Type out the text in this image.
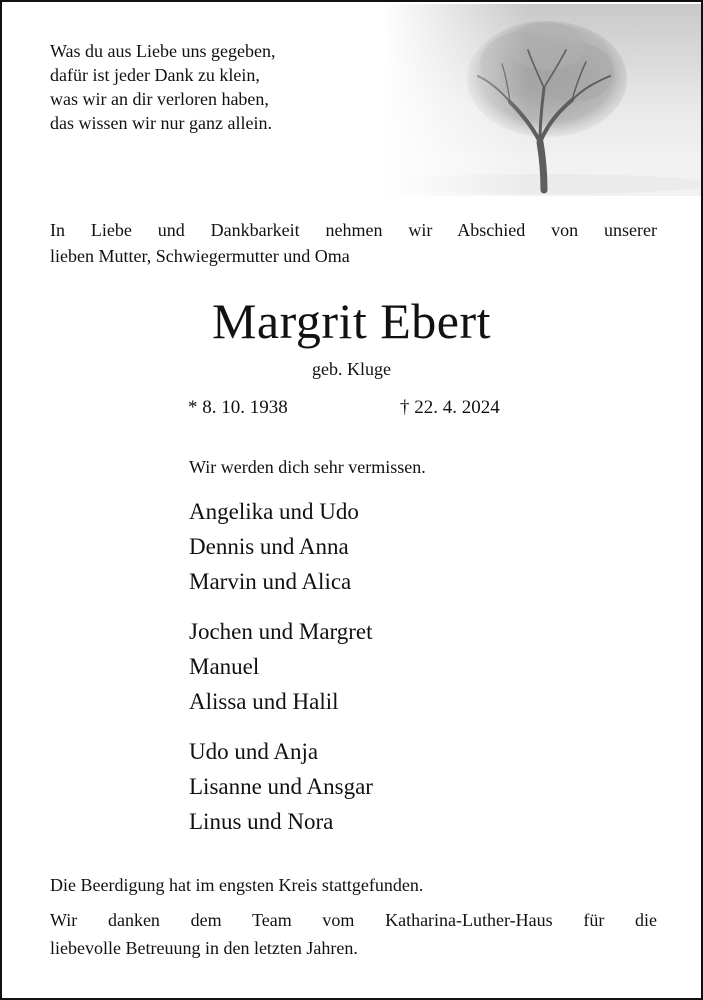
Was du aus Liebe uns gegeben,
dafür ist jeder Dank zu klein,
was wir an dir verloren haben,
das wissen wir nur ganz allein.
In Liebe und Dankbarkeit nehmen wir Abschied von unserer
lieben Mutter, Schwiegermutter und Oma
Margrit Ebert
geb. Kluge
* 8. 10. 1938	† 22. 4. 2024
Wir werden dich sehr vermissen.
Angelika und Udo
Dennis und Anna
Marvin und Alica
Jochen und Margret
Manuel
Alissa und Halil
Udo und Anja
Lisanne und Ansgar
Linus und Nora
Die Beerdigung hat im engsten Kreis stattgefunden.
Wir danken dem Team vom Katharina-Luther-Haus für die
liebevolle Betreuung in den letzten Jahren.
